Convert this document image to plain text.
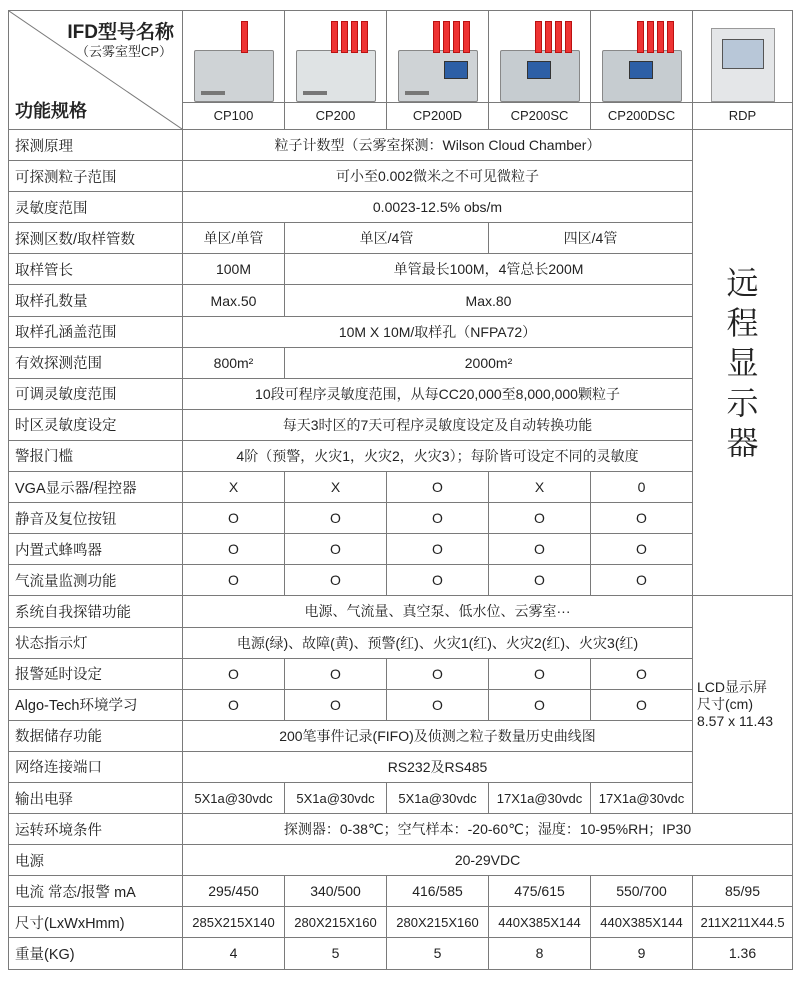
IFD型号名称
（云雾室型CP）
功能规格	CP100	CP200	CP200D	CP200SC	CP200DSC	RDP

探测原理	粒子计数型（云雾室探测：Wilson Cloud Chamber）					远程显示器

可探测粒子范围	可小至0.002微米之不可见微粒子					
灵敏度范围	0.0023-12.5% obs/m					
探测区数/取样管数	单区/单管	单区/4管		四区/4管		
取样管长	100M	单管最长100M，4管总长200M				
取样孔数量	Max.50	Max.80				
取样孔涵盖范围	10M X 10M/取样孔（NFPA72）					
有效探测范围	800m²	2000m²				
可调灵敏度范围	10段可程序灵敏度范围，从每CC20,000至8,000,000颗粒子					
时区灵敏度设定	每天3时区的7天可程序灵敏度设定及自动转换功能					
警报门槛	4阶（预警，火灾1，火灾2，火灾3）；每阶皆可设定不同的灵敏度					
VGA显示器/程控器	X	X	O	X	0	
静音及复位按钮	O	O	O	O	O	
内置式蜂鸣器	O	O	O	O	O	
气流量监测功能	O	O	O	O	O	
系统自我探错功能	电源、气流量、真空泵、低水位、云雾室···					LCD显示屏
尺寸(cm)
8.57 x 11.43

状态指示灯	电源(绿)、故障(黄)、预警(红)、火灾1(红)、火灾2(红)、火灾3(红)					
报警延时设定	O	O	O	O	O	
Algo-Tech环境学习	O	O	O	O	O	
数据储存功能	200笔事件记录(FIFO)及侦测之粒子数量历史曲线图					
网络连接端口	RS232及RS485					
输出电驿	5X1a@30vdc	5X1a@30vdc	5X1a@30vdc	17X1a@30vdc	17X1a@30vdc	
运转环境条件	探测器：0-38℃；空气样本：-20-60℃；湿度：10-95%RH；IP30					
电源	20-29VDC					
电流 常态/报警 mA	295/450	340/500	416/585	475/615	550/700	85/95
尺寸(LxWxHmm)	285X215X140	280X215X160	280X215X160	440X385X144	440X385X144	211X211X44.5
重量(KG)	4	5	5	8	9	1.36
